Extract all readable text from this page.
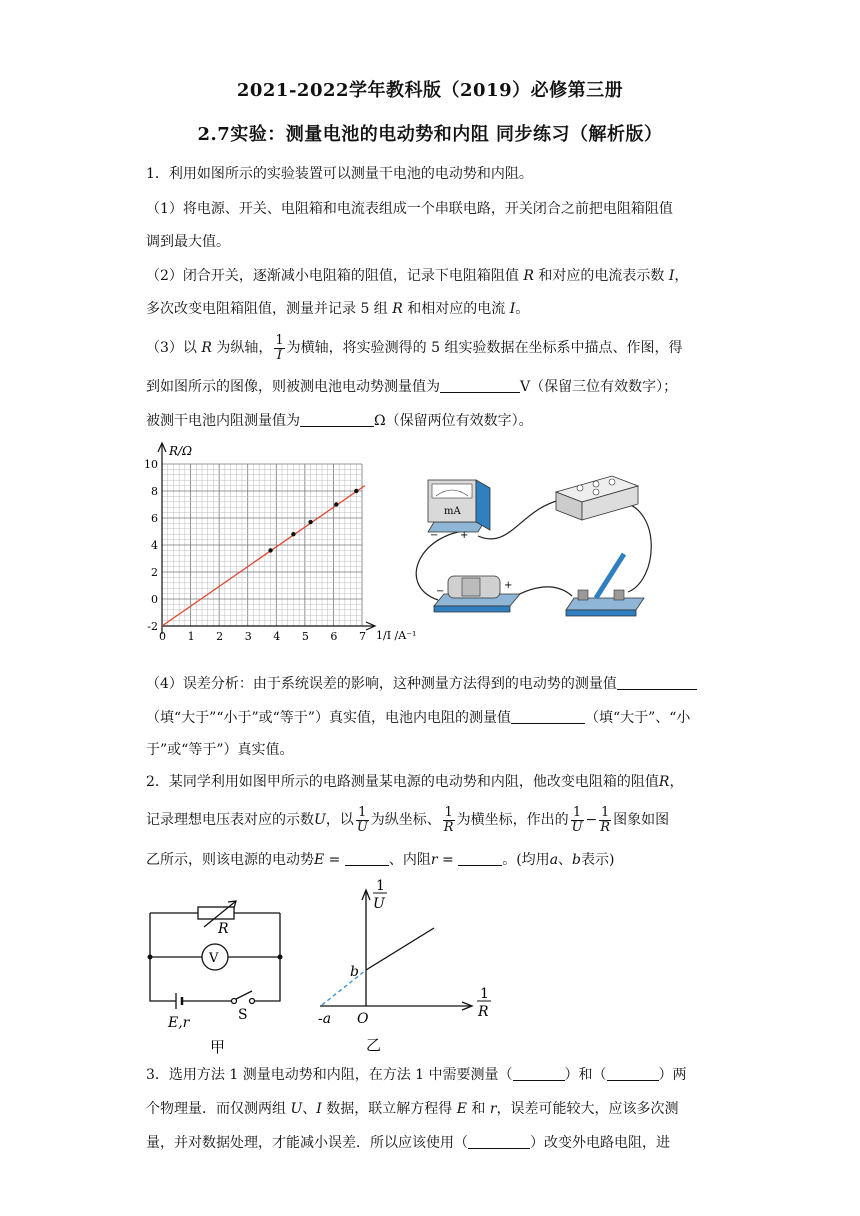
2021-2022学年教科版（2019）必修第三册
2.7实验：测量电池的电动势和内阻 同步练习（解析版）
1．利用如图所示的实验装置可以测量干电池的电动势和内阻。
（1）将电源、开关、电阻箱和电流表组成一个串联电路，开关闭合之前把电阻箱阻值
调到最大值。
（2）闭合开关，逐渐减小电阻箱的阻值，记录下电阻箱阻值 R 和对应的电流表示数 I，
多次改变电阻箱阻值，测量并记录 5 组 R 和相对应的电流 I。
（3）以 R 为纵轴， $\frac{1}{I}$ 为横轴，将实验测得的 5 组实验数据在坐标系中描点、作图，得
到如图所示的图像，则被测电池电动势测量值为	V（保留三位有效数字）；
被测干电池内阻测量值为	Ω（保留两位有效数字）。
0 1 2 3 4 5 6 7
-2
0
2
4
6
8
10
R/Ω
1/I /A⁻¹
mA
− +
−
+
（4）误差分析：由于系统误差的影响，这种测量方法得到的电动势的测量值
（填“大于”“小于”或“等于”）真实值，电池内电阻的测量值	（填“大于”、“小
于”或“等于”）真实值。
2．某同学利用如图甲所示的电路测量某电源的电动势和内阻，他改变电阻箱的阻值R，
记录理想电压表对应的示数U，以 $\frac{1}{U}$ 为纵坐标、 $\frac{1}{R}$ 为横坐标，作出的 $\frac{1}{U} - \frac{1}{R}$ 图象如图
乙所示，则该电源的电动势E =	、内阻r =	。(均用a、b表示)
R
V
E,r	S
甲
1
U
1
R
b
O
-a
乙
3．选用方法 1 测量电动势和内阻，在方法 1 中需要测量（	）和（	）两
个物理量．而仅测两组 U、I 数据，联立解方程得 E 和 r，误差可能较大，应该多次测
量，并对数据处理，才能减小误差．所以应该使用（	）改变外电路电阻，进
